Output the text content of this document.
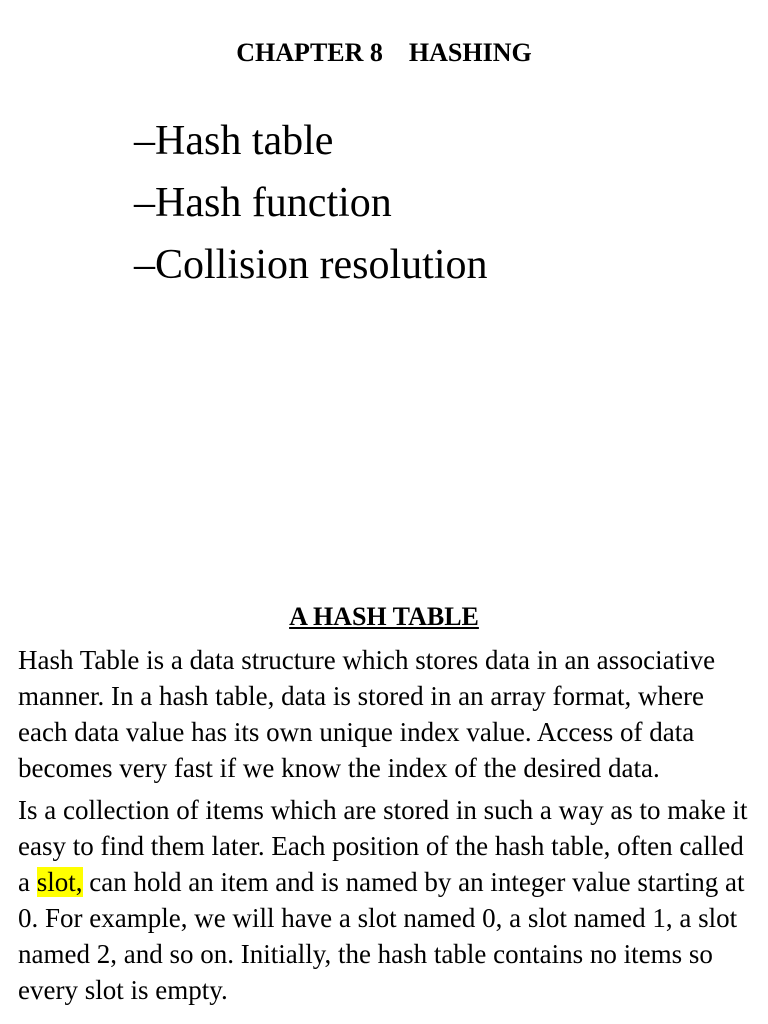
CHAPTER 8    HASHING
–Hash table
–Hash function
–Collision resolution
A HASH TABLE

Hash Table is a data structure which stores data in an associative manner. In a hash table, data is stored in an array format, where each data value has its own unique index value. Access of data becomes very fast if we know the index of the desired data.

Is a collection of items which are stored in such a way as to make it easy to find them later. Each position of the hash table, often called a slot, can hold an item and is named by an integer value starting at 0. For example, we will have a slot named 0, a slot named 1, a slot named 2, and so on. Initially, the hash table contains no items so every slot is empty.
